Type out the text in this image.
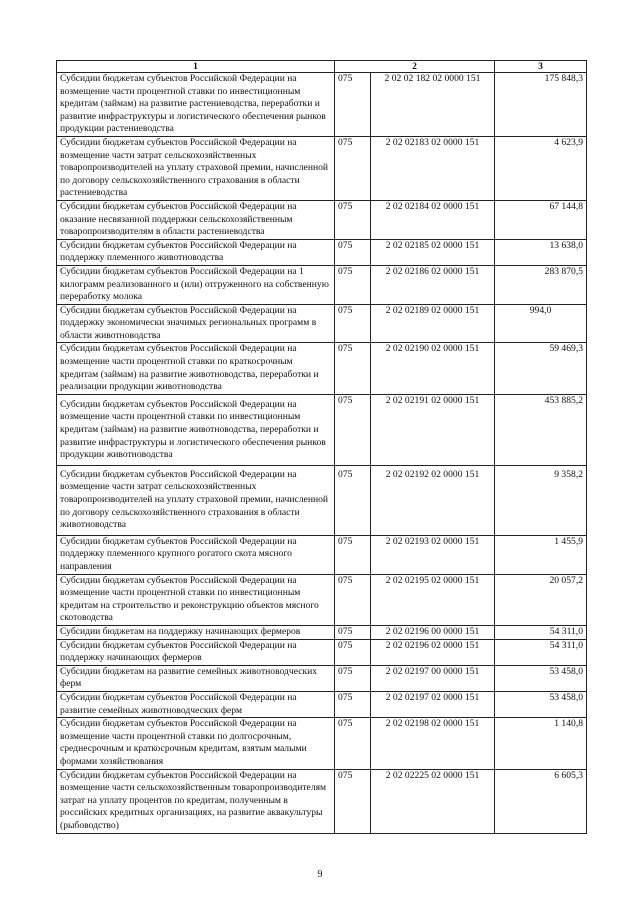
1	2		3
Субсидии бюджетам субъектов Российской Федерации на возмещение части процентной ставки по инвестиционным кредитам (займам) на развитие растениеводства, переработки и развитие инфраструктуры и логистического обеспечения рынков продукции растениеводства	075	2 02 02 182 02 0000 151	175 848,3
Субсидии бюджетам субъектов Российской Федерации на возмещение части затрат сельскохозяйственных товаропроизводителей на уплату страховой премии, начисленной по договору сельскохозяйственного страхования в области растениеводства	075	2 02 02183 02 0000 151	4 623,9
Субсидии бюджетам субъектов Российской Федерации на оказание несвязанной поддержки сельскохозяйственным товаропроизводителям в области растениеводства	075	2 02 02184 02 0000 151	67 144,8
Субсидии бюджетам субъектов Российской Федерации на поддержку племенного животноводства	075	2 02 02185 02 0000 151	13 638,0
Субсидии бюджетам субъектов Российской Федерации на 1 килограмм реализованного и (или) отгруженного на собственную переработку молока	075	2 02 02186 02 0000 151	283 870,5
Субсидии бюджетам субъектов Российской Федерации на поддержку экономически значимых региональных программ в области животноводства	075	2 02 02189 02 0000 151	994,0
Субсидии бюджетам субъектов Российской Федерации на возмещение части процентной ставки по краткосрочным кредитам (займам) на развитие животноводства, переработки и реализации продукции животноводства	075	2 02 02190 02 0000 151	59 469,3
Субсидии бюджетам субъектов Российской Федерации на возмещение части процентной ставки по инвестиционным кредитам (займам) на развитие животноводства, переработки и развитие инфраструктуры и логистического обеспечения рынков продукции животноводства	075	2 02 02191 02 0000 151	453 885,2
Субсидии бюджетам субъектов Российской Федерации на возмещение части затрат сельскохозяйственных товаропроизводителей на уплату страховой премии, начисленной по договору сельскохозяйственного страхования в области животноводства	075	2 02 02192 02 0000 151	9 358,2
Субсидии бюджетам субъектов Российской Федерации на поддержку племенного крупного рогатого скота мясного направления	075	2 02 02193 02 0000 151	1 455,9
Субсидии бюджетам субъектов Российской Федерации на возмещение части процентной ставки по инвестиционным кредитам на строительство и реконструкцию объектов мясного скотоводства	075	2 02 02195 02 0000 151	20 057,2
Субсидии бюджетам на поддержку начинающих фермеров	075	2 02 02196 00 0000 151	54 311,0
Субсидии бюджетам субъектов Российской Федерации на поддержку начинающих фермеров	075	2 02 02196 02 0000 151	54 311,0
Субсидии бюджетам на развитие семейных животноводческих ферм	075	2 02 02197 00 0000 151	53 458,0
Субсидии бюджетам субъектов Российской Федерации на развитие семейных животноводческих ферм	075	2 02 02197 02 0000 151	53 458,0
Субсидии бюджетам субъектов Российской Федерации на возмещение части процентной ставки по долгосрочным, среднесрочным и краткосрочным кредитам, взятым малыми формами хозяйствования	075	2 02 02198 02 0000 151	1 140,8
Субсидии бюджетам субъектов Российской Федерации на возмещение части сельскохозяйственным товаропроизводителям затрат на уплату процентов по кредитам, полученным в российских кредитных организациях, на развитие аквакультуры (рыбоводство)	075	2 02 02225 02 0000 151	6 605,3
9
